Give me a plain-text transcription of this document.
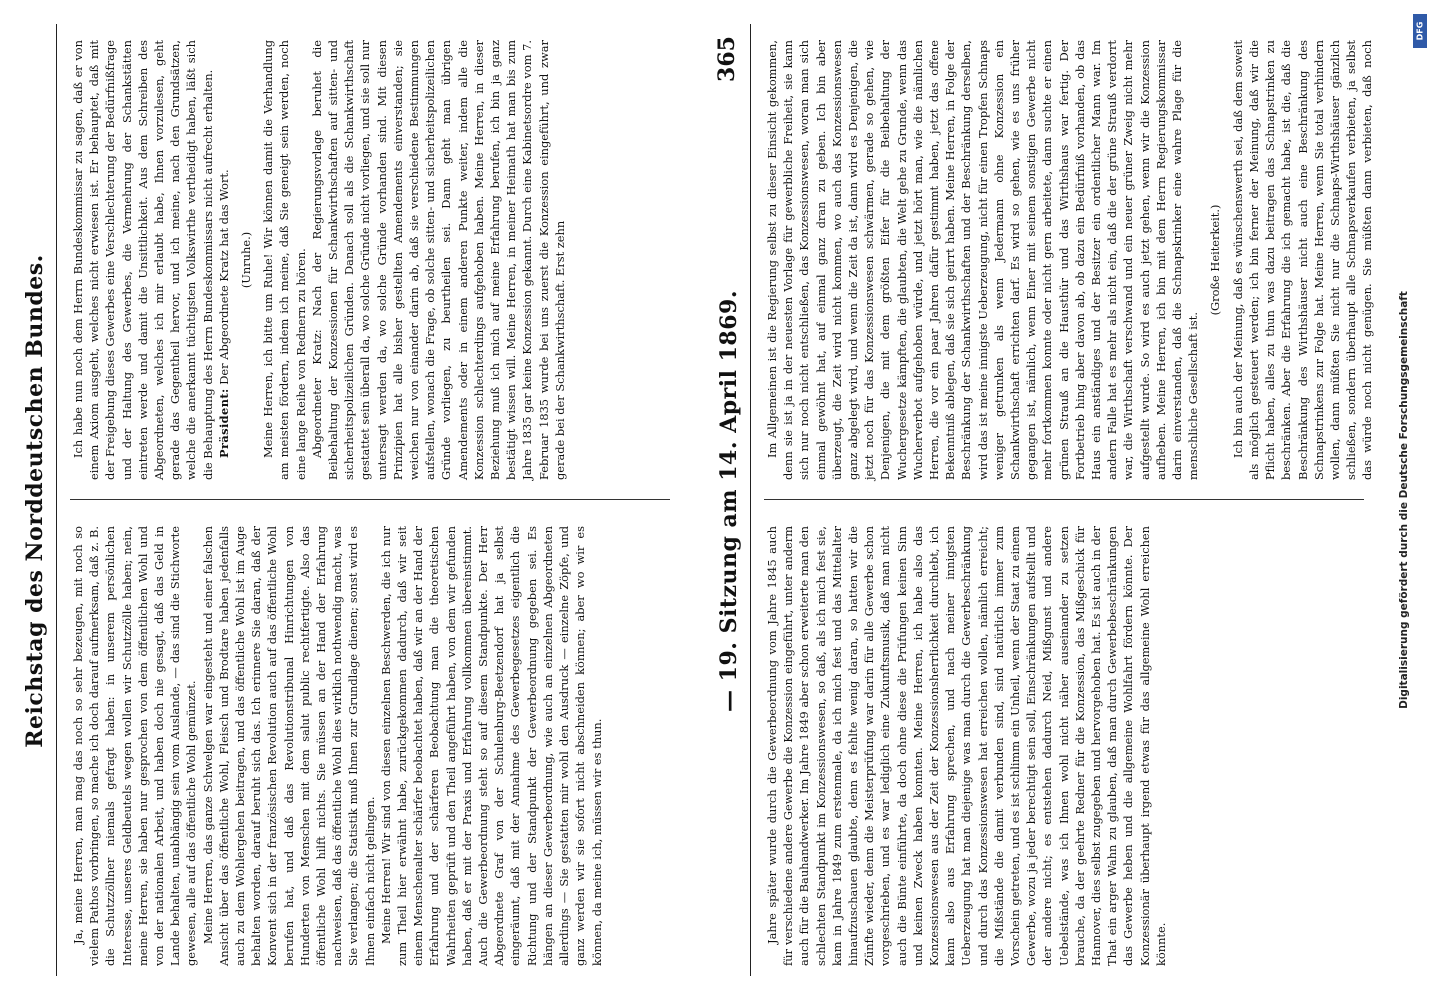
Reichstag des Norddeutschen Bundes. Ja, meine Herren, man mag das noch so sehr bezeugen, mit noch so vielem Pathos vorbringen, so mache ich doch darauf aufmerksam, daß z. B. die Schutzzöllner niemals gefragt haben: in unserem persönlichen Interesse, unseres Geldbeutels wegen wollen wir Schutzzölle haben; nein, meine Herren, sie haben nur gesprochen von dem öffentlichen Wohl und von der nationalen Arbeit, und haben doch nie gesagt, daß das Geld in Lande behalten, unabhängig sein vom Auslande, — das sind die Stichworte gewesen, alle auf das öffentliche Wohl gemünzet. Meine Herren, das ganze Schwelgen war eingesteht und einer falschen Ansicht über das öffentliche Wohl, Fleisch und Brodtare haben jedenfalls auch zu dem Wohlergehen beitragen, und das öffentliche Wohl ist im Auge behalten worden, darauf beruht sich das. Ich erinnere Sie daran, daß der Konvent sich in der französischen Revolution auch auf das öffentliche Wohl berufen hat, und daß das Revolutionstribunal Hinrichtungen von Hunderten von Menschen mit dem salut public rechtfertigte. Also das öffentliche Wohl hilft nichts. Sie müssen an der Hand der Erfahrung nachweisen, daß das öffentliche Wohl dies wirklich nothwendig macht, was Sie verlangen; die Statistik muß Ihnen zur Grundlage dienen; sonst wird es Ihnen einfach nicht gelingen. Meine Herren! Wir sind von diesen einzelnen Beschwerden, die ich nur zum Theil hier erwähnt habe, zurückgekommen dadurch, daß wir seit einem Menschenalter schärfer beobachtet haben, daß wir an der Hand der Erfahrung und der schärferen Beobachtung man die theoretischen Wahrheiten geprüft und den Theil angeführt haben, von dem wir gefunden haben, daß er mit der Praxis und Erfahrung vollkommen übereinstimmt. Auch die Gewerbeordnung steht so auf diesem Standpunkte. Der Herr Abgeordnete Graf von der Schulenburg-Beetzendorf hat ja selbst eingeräumt, daß mit der Annahme des Gewerbegesetzes eigentlich die Richtung und der Standpunkt der Gewerbeordnung gegeben sei. Es hängen an dieser Gewerbeordnung, wie auch an einzelnen Abgeordneten allerdings — Sie gestatten mir wohl den Ausdruck — einzelne Zöpfe, und ganz werden wir sie sofort nicht abschneiden können; aber wo wir es können, da meine ich, müssen wir es thun.

Ich habe nun noch dem Herrn Bundeskommissar zu sagen, daß er von einem Axiom ausgeht, welches nicht erwiesen ist. Er behauptet, daß mit der Freigebung dieses Gewerbes eine Verschlechterung der Bedürfnißfrage und der Haltung des Gewerbes, die Vermehrung der Schankstätten eintreten werde und damit die Unsittlichkeit. Aus dem Schreiben des Abgeordneten, welches ich mir erlaubt habe, Ihnen vorzulesen, geht gerade das Gegentheil hervor, und ich meine, nach den Grundsätzen, welche die anerkannt tüchtigsten Volkswirthe vertheidigt haben, läßt sich die Behauptung des Herrn Bundeskommissars nicht aufrecht erhalten. Präsident: Der Abgeordnete Kratz hat das Wort. (Unruhe.) Meine Herren, ich bitte um Ruhe! Wir können damit die Verhandlung am meisten fördern, indem ich meine, daß Sie geneigt sein werden, noch eine lange Reihe von Rednern zu hören. Abgeordneter Kratz: Nach der Regierungsvorlage beruhet die Beibehaltung der Konzessionen für Schankwirthschaften auf sitten- und sicherheitspolizeilichen Gründen. Danach soll als die Schankwirthschaft gestattet sein überall da, wo solche Gründe nicht vorliegen, und sie soll nur untersagt werden da, wo solche Gründe vorhanden sind. Mit diesen Prinzipien hat alle bisher gestellten Amendements einverstanden; sie weichen nur von einander darin ab, daß sie verschiedene Bestimmungen aufstellen, wonach die Frage, ob solche sitten- und sicherheitspolizeilichen Gründe vorliegen, zu beurtheilen sei. Dann geht man übrigen Amendements oder in einem anderen Punkte weiter, indem alle die Konzession schlechterdings aufgehoben haben. Meine Herren, in dieser Beziehung muß ich mich auf meine Erfahrung berufen, ich bin ja ganz bestätigt wissen will. Meine Herren, in meiner Heimath hat man bis zum Jahre 1835 gar keine Konzession gekannt. Durch eine Kabinetsordre vom 7. Februar 1835 wurde bei uns zuerst die Konzession eingeführt, und zwar gerade bei der Schankwirthschaft. Erst zehn	— 19. Sitzung am 14. April 1869.
365

Jahre später wurde durch die Gewerbeordnung vom Jahre 1845 auch für verschiedene andere Gewerbe die Konzession eingeführt, unter anderm auch für die Bauhandwerker. Im Jahre 1849 aber schon erweiterte man den schlechten Standpunkt im Konzessionswesen, so daß, als ich mich fest sie, kam in Jahre 1849 zum erstenmale, da ich mich fest und das Mittelalter hinaufzuschauen glaubte, denn es fehlte wenig daran, so hatten wir die Zünfte wieder, denn die Meisterprüfung war darin für alle Gewerbe schon vorgeschrieben, und es war lediglich eine Zukunftsmusik, daß man nicht auch die Bünte einführte, da doch ohne diese die Prüfungen keinen Sinn und keinen Zweck haben konnten. Meine Herren, ich habe also das Konzessionswesen aus der Zeit der Konzessionsherrlichkeit durchlebt, ich kann also aus Erfahrung sprechen, und nach meiner innigsten Ueberzeugung hat man diejenige was man durch die Gewerbeschränkung und durch das Konzessionswesen hat erreichen wollen, nämlich erreicht; die Mißstände die damit verbunden sind, sind natürlich immer zum Vorschein getreten, und es ist schlimm ein Unheil, wenn der Staat zu einem Gewerbe, wozu ja jeder berechtigt sein soll, Einschränkungen aufstellt und der andere nicht; es entstehen dadurch Neid, Mißgunst und andere Uebelstände, was ich Ihnen wohl nicht näher auseinander zu setzen brauche, da der geehrte Redner für die Konzession, das Mißgeschick für Hannover, dies selbst zugegeben und hervorgehoben hat. Es ist auch in der That ein arger Wahn zu glauben, daß man durch Gewerbebeschränkungen das Gewerbe heben und die allgemeine Wohlfahrt fördern könnte. Der Konzessionär überhaupt irgend etwas für das allgemeine Wohl erreichen könnte.

Im Allgemeinen ist die Regierung selbst zu dieser Einsicht gekommen, denn sie ist ja in der neuesten Vorlage für gewerbliche Freiheit, sie kann sich nur noch nicht entschließen, das Konzessionswesen, woran man sich einmal gewöhnt hat, auf einmal ganz dran zu geben. Ich bin aber überzeugt, die Zeit wird nicht kommen, wo auch das Konzessionswesen ganz abgelegt wird, und wenn die Zeit da ist, dann wird es Denjenigen, die jetzt noch für das Konzessionswesen schwärmen, gerade so gehen, wie Denjenigen, die mit dem größten Eifer für die Beibehaltung der Wuchergesetze kämpften, die glaubten, die Welt gehe zu Grunde, wenn das Wucherverbot aufgehoben würde, und jetzt hört man, wie die nämlichen Herren, die vor ein paar Jahren dafür gestimmt haben, jetzt das offene Bekenntniß ablegen, daß sie sich geirrt haben. Meine Herren, in Folge der Beschränkung der Schankwirthschaften und der Beschränkung derselben, wird das ist meine innigste Ueberzeugung, nicht für einen Tropfen Schnaps weniger getrunken als wenn Jedermann ohne Konzession ein Schankwirthschaft errichten darf. Es wird so gehen, wie es uns früher gegangen ist, nämlich, wenn Einer mit seinem sonstigen Gewerbe nicht mehr fortkommen konnte oder nicht gern arbeitete, dann suchte er einen grünen Strauß an die Hausthür und das Wirthshaus war fertig. Der Fortbetrieb hing aber davon ab, ob dazu ein Bedürfniß vorhanden, ob das Haus ein anständiges und der Besitzer ein ordentlicher Mann war. Im andern Falle hat es mehr als nicht ein, daß die der grüne Strauß verdorrt war, die Wirthschaft verschwand und ein neuer grüner Zweig nicht mehr aufgestellt wurde. So wird es auch jetzt gehen, wenn wir die Konzession aufheben. Meine Herren, ich bin mit dem Herrn Regierungskommissar darin einverstanden, daß die Schnapskrinker eine wahre Plage für die menschliche Gesellschaft ist.

(Große Heiterkeit.)

Ich bin auch der Meinung, daß es wünschenswerth sei, daß dem soweit als möglich gesteuert werden; ich bin ferner der Meinung, daß wir die Pflicht haben, alles zu thun was dazu beitragen das Schnapstrinken zu beschränken. Aber die Erfahrung die ich gemacht habe, ist die, daß die Beschränkung des Wirthshäuser nicht auch eine Beschränkung des Schnapstrinkens zur Folge hat. Meine Herren, wenn Sie total verhindern wollen, dann müßten Sie nicht nur die Schnaps-Wirthshäuser gänzlich schließen, sondern überhaupt alle Schnapsverkaufen verbieten, ja selbst das würde noch nicht genügen. Sie müßten dann verbieten, daß noch

Digitalisierung gefördert durch die Deutsche Forschungsgemeinschaft
DFG
